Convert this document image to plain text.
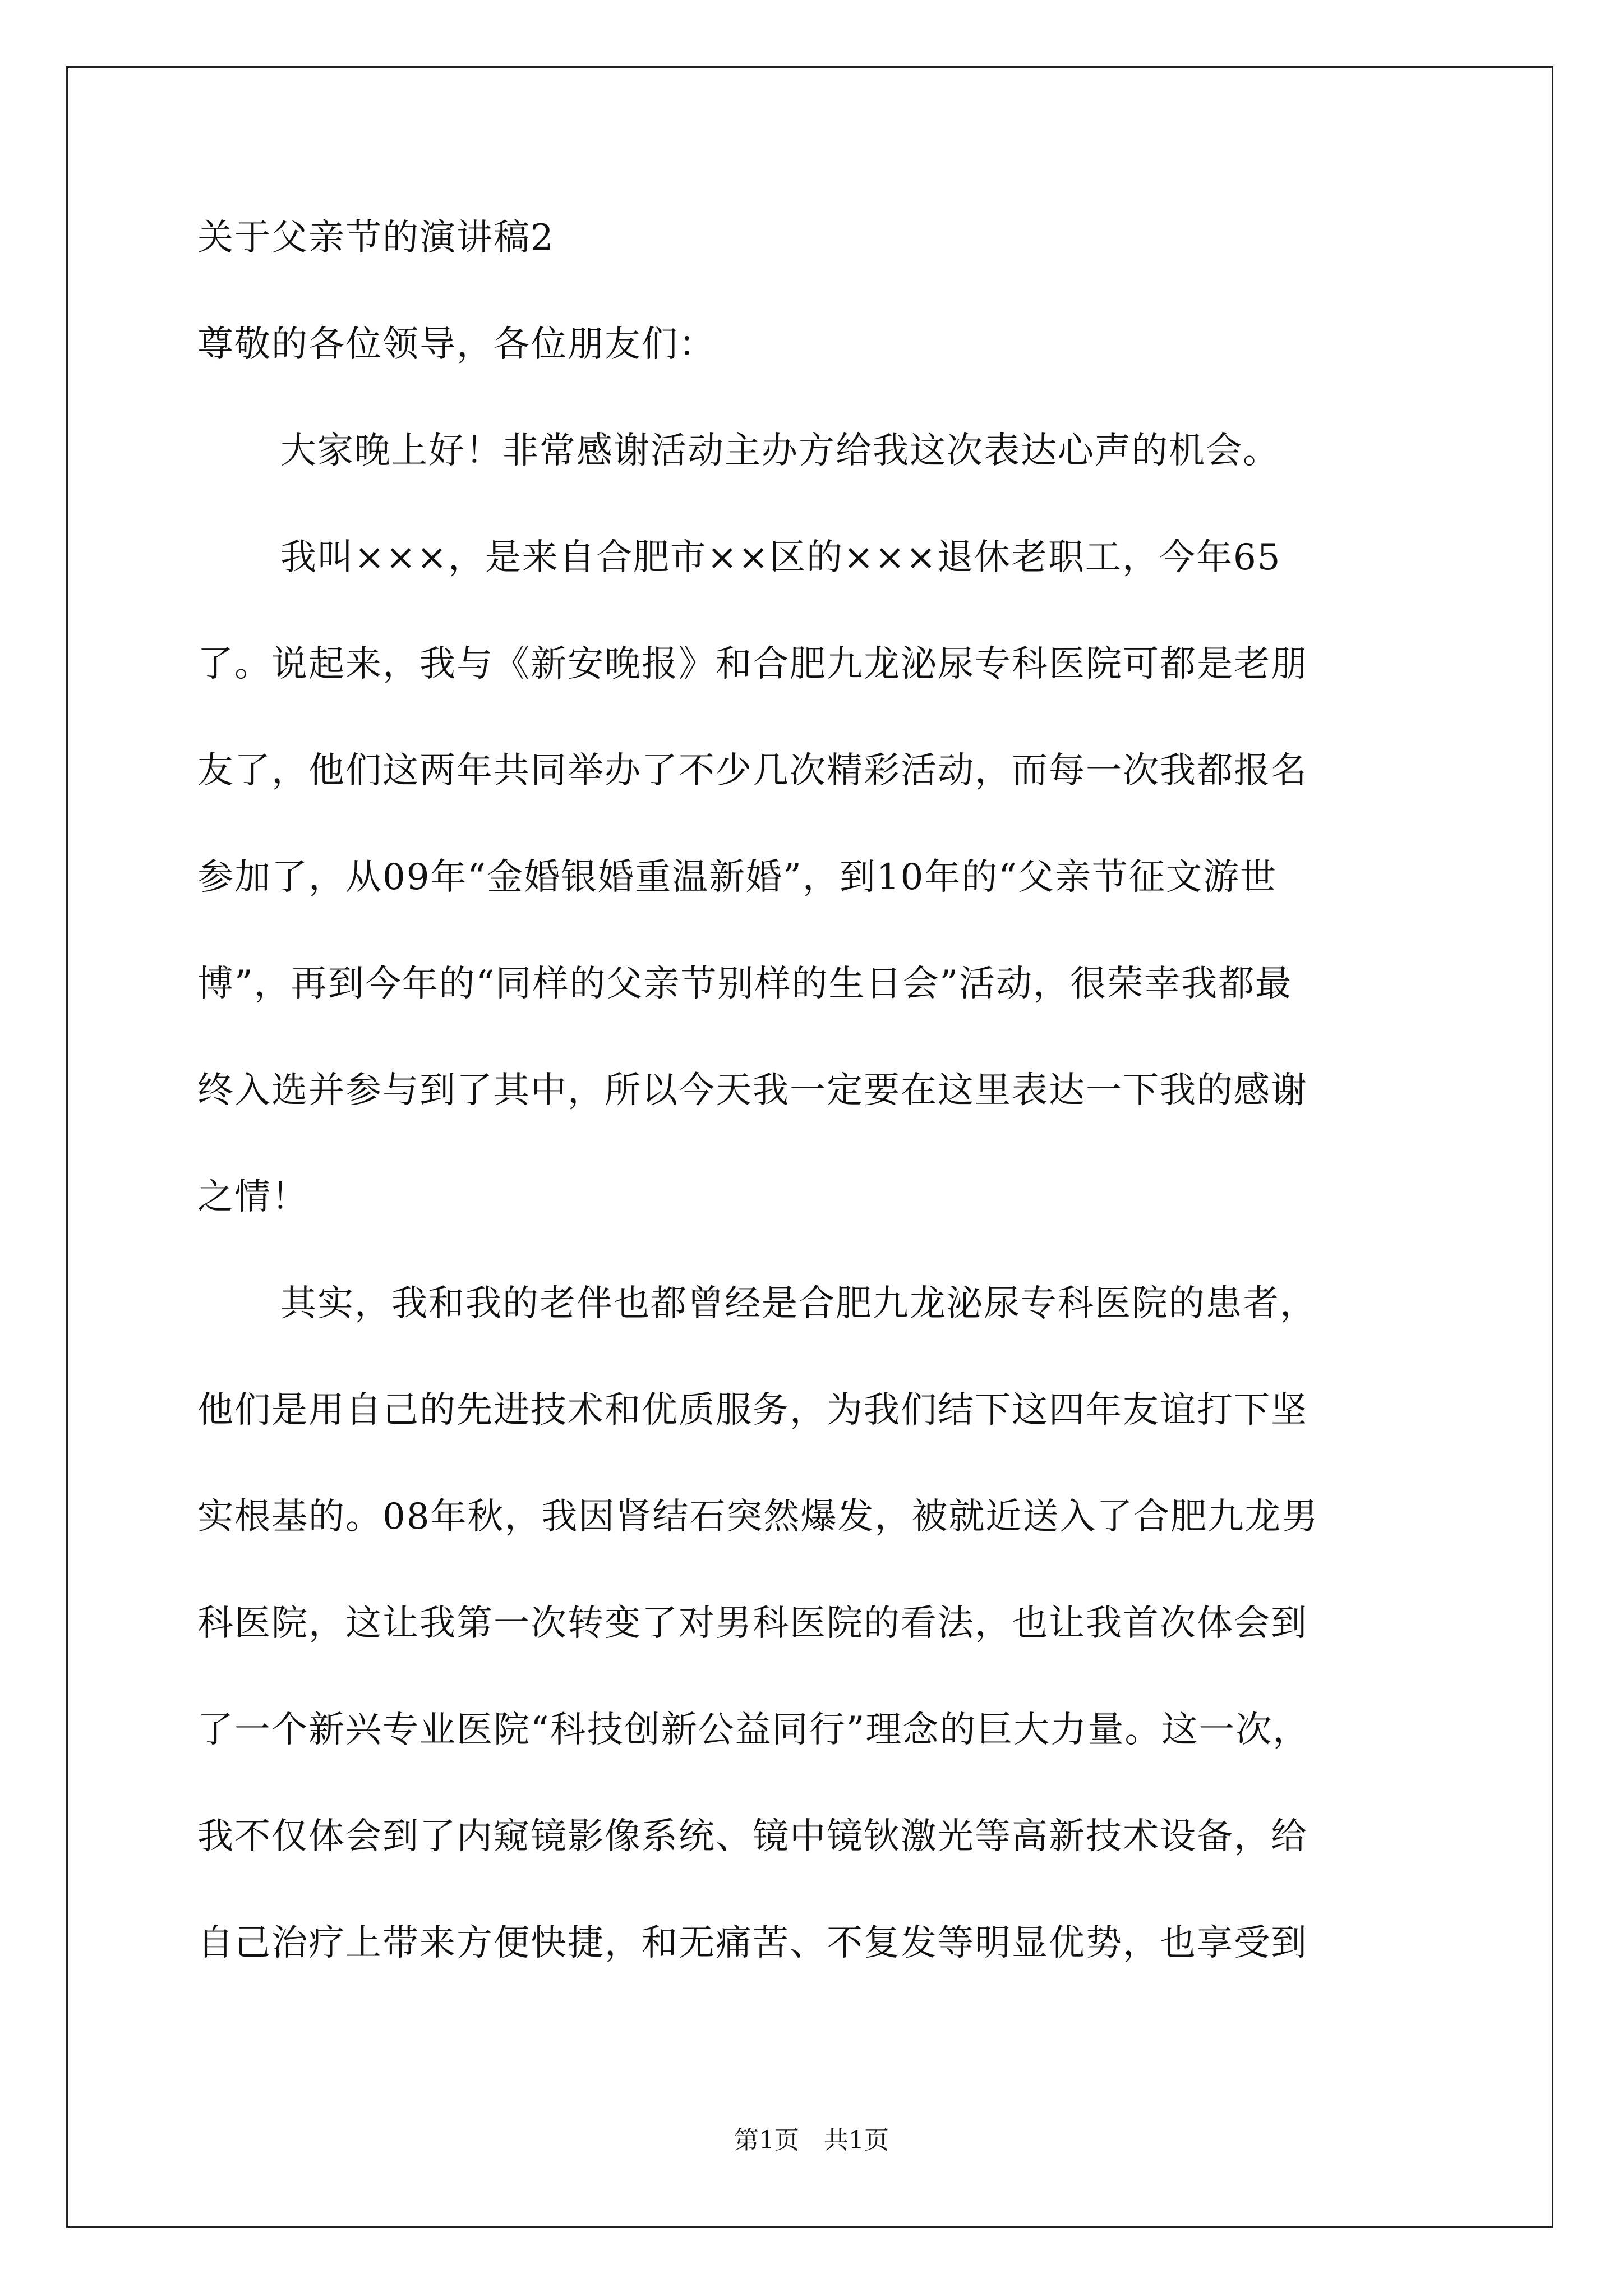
关于父亲节的演讲稿2
尊敬的各位领导，各位朋友们：
大家晚上好！非常感谢活动主办方给我这次表达心声的机会。
我叫×××，是来自合肥市××区的×××退休老职工，今年65
了。说起来，我与《新安晚报》和合肥九龙泌尿专科医院可都是老朋
友了，他们这两年共同举办了不少几次精彩活动，而每一次我都报名
参加了，从09年“金婚银婚重温新婚”，到10年的“父亲节征文游世
博”，再到今年的“同样的父亲节别样的生日会”活动，很荣幸我都最
终入选并参与到了其中，所以今天我一定要在这里表达一下我的感谢
之情！
其实，我和我的老伴也都曾经是合肥九龙泌尿专科医院的患者，
他们是用自己的先进技术和优质服务，为我们结下这四年友谊打下坚
实根基的。08年秋，我因肾结石突然爆发，被就近送入了合肥九龙男
科医院，这让我第一次转变了对男科医院的看法，也让我首次体会到
了一个新兴专业医院“科技创新公益同行”理念的巨大力量。这一次，
我不仅体会到了内窥镜影像系统、镜中镜钬激光等高新技术设备，给
自己治疗上带来方便快捷，和无痛苦、不复发等明显优势，也享受到
第1页　共1页
